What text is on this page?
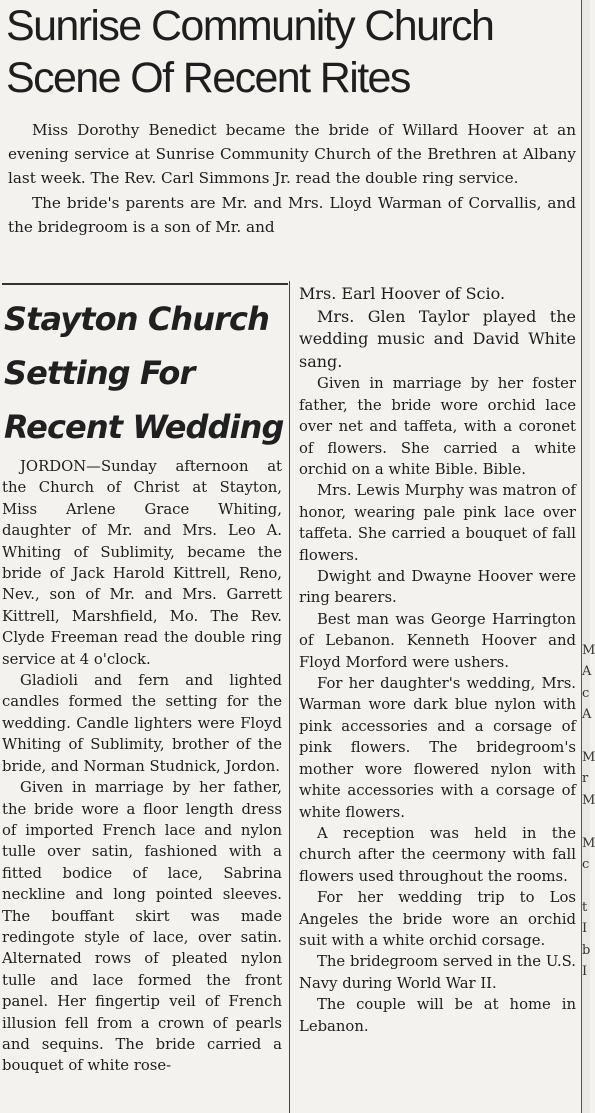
Sunrise Community Church
Scene Of Recent Rites

Miss Dorothy Benedict became the bride of Willard Hoover at an evening service at Sunrise Community Church of the Brethren at Albany last week. The Rev. Carl Simmons Jr. read the double ring service.

The bride's parents are Mr. and Mrs. Lloyd Warman of Corvallis, and the bridegroom is a son of Mr. and

Stayton Church
Setting For
Recent Wedding

JORDON—Sunday afternoon at the Church of Christ at Stayton, Miss Arlene Grace Whiting, daughter of Mr. and Mrs. Leo A. Whiting of Sublimity, became the bride of Jack Harold Kittrell, Reno, Nev., son of Mr. and Mrs. Garrett Kittrell, Marshfield, Mo. The Rev. Clyde Freeman read the double ring service at 4 o'clock.

Gladioli and fern and lighted candles formed the setting for the wedding. Candle lighters were Floyd Whiting of Sublimity, brother of the bride, and Norman Studnick, Jordon.

Given in marriage by her father, the bride wore a floor length dress of imported French lace and nylon tulle over satin, fashioned with a fitted bodice of lace, Sabrina neckline and long pointed sleeves. The bouffant skirt was made redingote style of lace, over satin. Alternated rows of pleated nylon tulle and lace formed the front panel. Her fingertip veil of French illusion fell from a crown of pearls and sequins. The bride carried a bouquet of white rose-

Mrs. Earl Hoover of Scio.

Mrs. Glen Taylor played the wedding music and David White sang.

Given in marriage by her foster father, the bride wore orchid lace over net and taffeta, with a coronet of flowers. She carried a white orchid on a white Bible. Bible.

Mrs. Lewis Murphy was matron of honor, wearing pale pink lace over taffeta. She carried a bouquet of fall flowers.

Dwight and Dwayne Hoover were ring bearers.

Best man was George Harrington of Lebanon. Kenneth Hoover and Floyd Morford were ushers.

For her daughter's wedding, Mrs. Warman wore dark blue nylon with pink accessories and a corsage of pink flowers. The bridegroom's mother wore flowered nylon with white accessories with a corsage of white flowers.

A reception was held in the church after the ceermony with fall flowers used throughout the rooms.

For her wedding trip to Los Angeles the bride wore an orchid suit with a white orchid corsage.

The bridegroom served in the U.S. Navy during World War II.

The couple will be at home in Lebanon.

M
A
c
A

M
r
M

M
c

t
I
b
I
